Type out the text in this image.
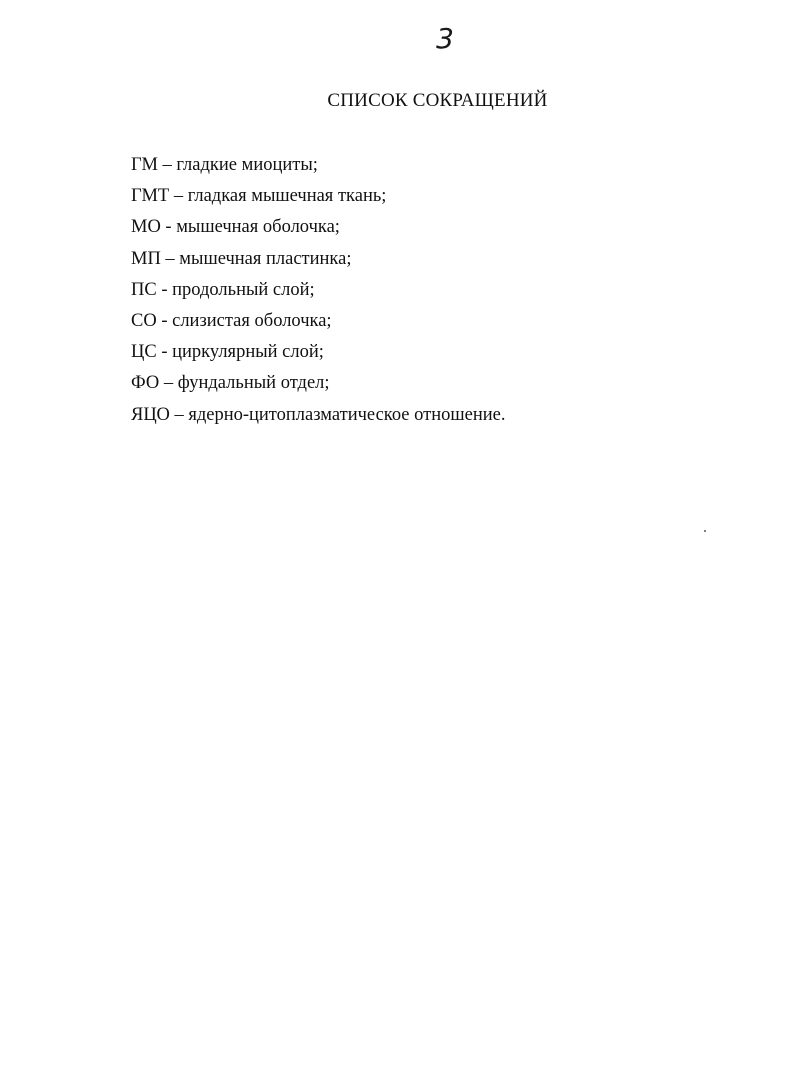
3
СПИСОК СОКРАЩЕНИЙ
ГМ – гладкие миоциты;
ГМТ – гладкая мышечная ткань;
МО - мышечная оболочка;
МП – мышечная пластинка;
ПС - продольный слой;
СО - слизистая оболочка;
ЦС - циркулярный слой;
ФО – фундальный отдел;
ЯЦО – ядерно-цитоплазматическое отношение.
